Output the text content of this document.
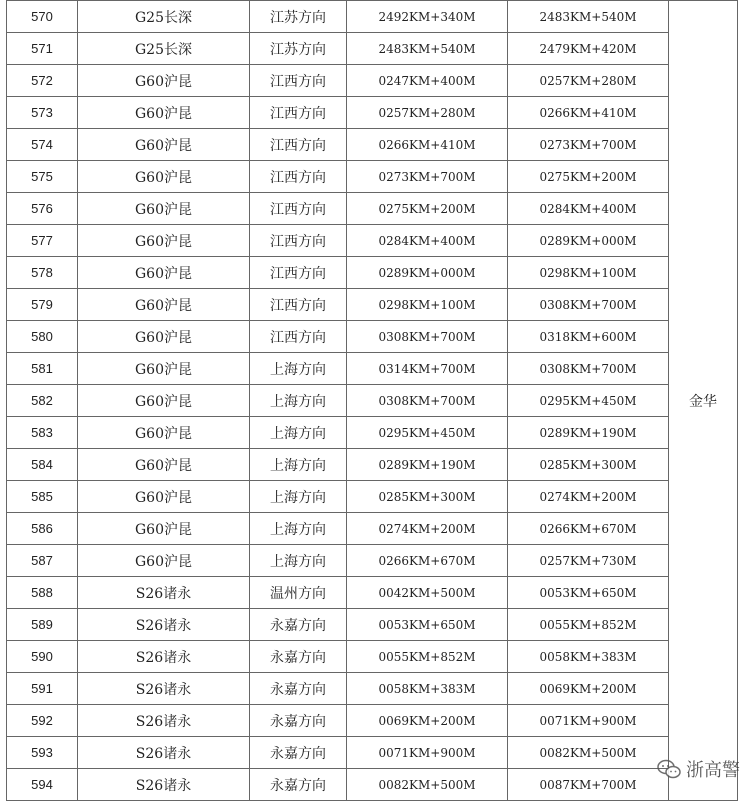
570	G25长深	江苏方向	2492KM+340M	2483KM+540M	金华
571	G25长深	江苏方向	2483KM+540M	2479KM+420M	
572	G60沪昆	江西方向	0247KM+400M	0257KM+280M	
573	G60沪昆	江西方向	0257KM+280M	0266KM+410M	
574	G60沪昆	江西方向	0266KM+410M	0273KM+700M	
575	G60沪昆	江西方向	0273KM+700M	0275KM+200M	
576	G60沪昆	江西方向	0275KM+200M	0284KM+400M	
577	G60沪昆	江西方向	0284KM+400M	0289KM+000M	
578	G60沪昆	江西方向	0289KM+000M	0298KM+100M	
579	G60沪昆	江西方向	0298KM+100M	0308KM+700M	
580	G60沪昆	江西方向	0308KM+700M	0318KM+600M	
581	G60沪昆	上海方向	0314KM+700M	0308KM+700M	
582	G60沪昆	上海方向	0308KM+700M	0295KM+450M	
583	G60沪昆	上海方向	0295KM+450M	0289KM+190M	
584	G60沪昆	上海方向	0289KM+190M	0285KM+300M	
585	G60沪昆	上海方向	0285KM+300M	0274KM+200M	
586	G60沪昆	上海方向	0274KM+200M	0266KM+670M	
587	G60沪昆	上海方向	0266KM+670M	0257KM+730M	
588	S26诸永	温州方向	0042KM+500M	0053KM+650M	
589	S26诸永	永嘉方向	0053KM+650M	0055KM+852M	
590	S26诸永	永嘉方向	0055KM+852M	0058KM+383M	
591	S26诸永	永嘉方向	0058KM+383M	0069KM+200M	
592	S26诸永	永嘉方向	0069KM+200M	0071KM+900M	
593	S26诸永	永嘉方向	0071KM+900M	0082KM+500M	
594	S26诸永	永嘉方向	0082KM+500M	0087KM+700M	
浙高警
